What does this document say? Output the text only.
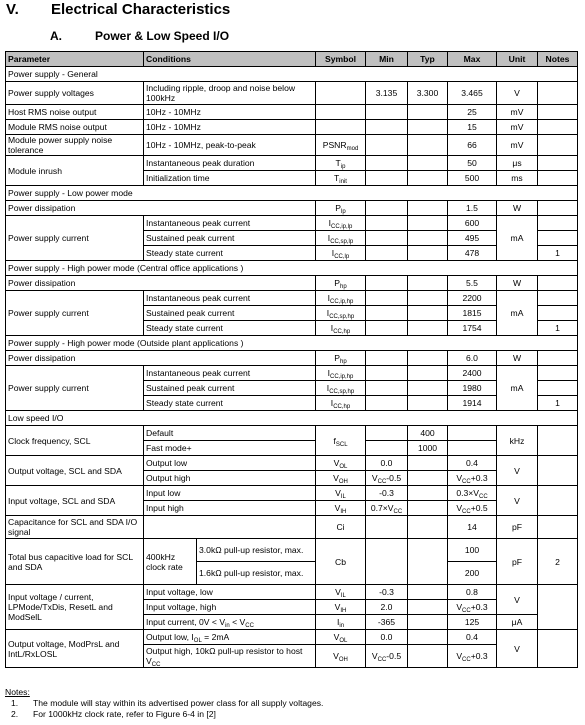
V. Electrical Characteristics
A.	Power & Low Speed I/O
Parameter	Conditions		Symbol	Min	Typ	Max	Unit	Notes
Power supply - General								
Power supply voltages	Including ripple, droop and noise below 100kHz			3.135	3.300	3.465	V	
Host RMS noise output	10Hz - 10MHz					25	mV	
Module RMS noise output	10Hz - 10MHz					15	mV	
Module power supply noise tolerance	10Hz - 10MHz, peak-to-peak		$PSNR_{mod}$			66	mV	
Module inrush	Instantaneous peak duration		$T_{ip}$			50	μs	
	Initialization time		$T_{init}$			500	ms	
Power supply - Low power mode								
Power dissipation			$P_{lp}$			1.5	W	
Power supply current	Instantaneous peak current		$I_{CC,ip,lp}$			600	mA	
	Sustained peak current		$I_{CC,sp,lp}$			495		
	Steady state current		$I_{CC,lp}$			478		1
Power supply - High power mode (Central office applications )								
Power dissipation			$P_{hp}$			5.5	W	
Power supply current	Instantaneous peak current		$I_{CC,ip,hp}$			2200	mA	
	Sustained peak current		$I_{CC,sp,hp}$			1815		
	Steady state current		$I_{CC,hp}$			1754		1
Power supply - High power mode (Outside plant applications )								
Power dissipation			$P_{hp}$			6.0	W	
Power supply current	Instantaneous peak current		$I_{CC,ip,hp}$			2400	mA	
	Sustained peak current		$I_{CC,sp,hp}$			1980		
	Steady state current		$I_{CC,hp}$			1914		1
Low speed I/O								
Clock frequency, SCL	Default		$f_{SCL}$		400		kHz	
	Fast mode+				1000			
Output voltage, SCL and SDA	Output low		$V_{OL}$	0.0		0.4	V	
	Output high		$V_{OH}$	$V_{CC}-0.5$		$V_{CC}+0.3$		
Input voltage, SCL and SDA	Input low		$V_{IL}$	-0.3		$0.3\times V_{CC}$	V	
	Input high		$V_{IH}$	$0.7\times V_{CC}$		$V_{CC}+0.5$		
Capacitance for SCL and SDA I/O signal			Ci			14	pF	
Total bus capacitive load for SCL and SDA	400kHz clock rate	3.0kΩ pull-up resistor, max.	Cb			100	pF	2
		1.6kΩ pull-up resistor, max.				200		
Input voltage / current, LPMode/TxDis, ResetL and ModSelL	Input voltage, low		$V_{IL}$	-0.3		0.8	V	
	Input voltage, high		$V_{IH}$	2.0		$V_{CC}+0.3$		
	Input current, $0V < V_{in} < V_{CC}$		$I_{in}$	-365		125	μA	
Output voltage, ModPrsL and IntL/RxLOSL	Output low, $I_{OL} = 2mA$		$V_{OL}$	0.0		0.4	V	
	Output high, 10kΩ pull-up resistor to host $V_{CC}$		$V_{OH}$	$V_{CC}-0.5$		$V_{CC}+0.3$		
Notes:
1. The module will stay within its advertised power class for all supply voltages.
2. For 1000kHz clock rate, refer to Figure 6-4 in [2]
